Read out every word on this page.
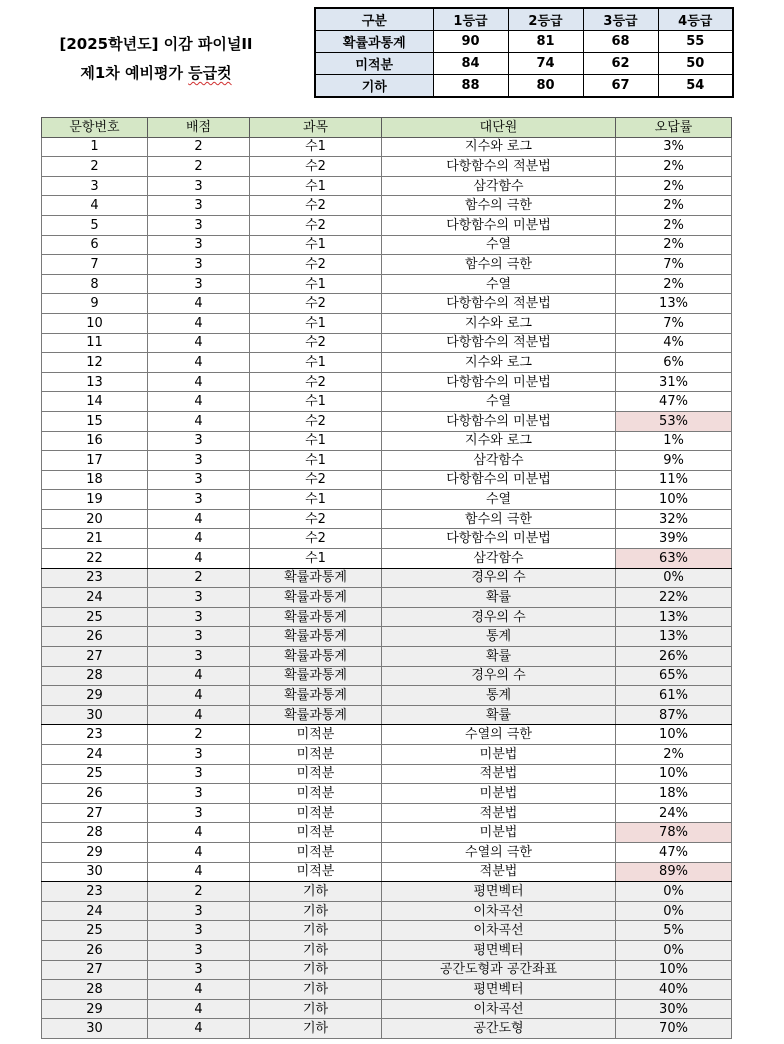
[2025학년도] 이감 파이널II
제1차 예비평가 등급컷
구분	1등급	2등급	3등급	4등급
확률과통계	90	81	68	55
미적분	84	74	62	50
기하	88	80	67	54
문항번호	배점	과목	대단원	오답률
1	2	수1	지수와 로그	3%
2	2	수2	다항함수의 적분법	2%
3	3	수1	삼각함수	2%
4	3	수2	함수의 극한	2%
5	3	수2	다항함수의 미분법	2%
6	3	수1	수열	2%
7	3	수2	함수의 극한	7%
8	3	수1	수열	2%
9	4	수2	다항함수의 적분법	13%
10	4	수1	지수와 로그	7%
11	4	수2	다항함수의 적분법	4%
12	4	수1	지수와 로그	6%
13	4	수2	다항함수의 미분법	31%
14	4	수1	수열	47%
15	4	수2	다항함수의 미분법	53%
16	3	수1	지수와 로그	1%
17	3	수1	삼각함수	9%
18	3	수2	다항함수의 미분법	11%
19	3	수1	수열	10%
20	4	수2	함수의 극한	32%
21	4	수2	다항함수의 미분법	39%
22	4	수1	삼각함수	63%
23	2	확률과통계	경우의 수	0%
24	3	확률과통계	확률	22%
25	3	확률과통계	경우의 수	13%
26	3	확률과통계	통계	13%
27	3	확률과통계	확률	26%
28	4	확률과통계	경우의 수	65%
29	4	확률과통계	통계	61%
30	4	확률과통계	확률	87%
23	2	미적분	수열의 극한	10%
24	3	미적분	미분법	2%
25	3	미적분	적분법	10%
26	3	미적분	미분법	18%
27	3	미적분	적분법	24%
28	4	미적분	미분법	78%
29	4	미적분	수열의 극한	47%
30	4	미적분	적분법	89%
23	2	기하	평면벡터	0%
24	3	기하	이차곡선	0%
25	3	기하	이차곡선	5%
26	3	기하	평면벡터	0%
27	3	기하	공간도형과 공간좌표	10%
28	4	기하	평면벡터	40%
29	4	기하	이차곡선	30%
30	4	기하	공간도형	70%
